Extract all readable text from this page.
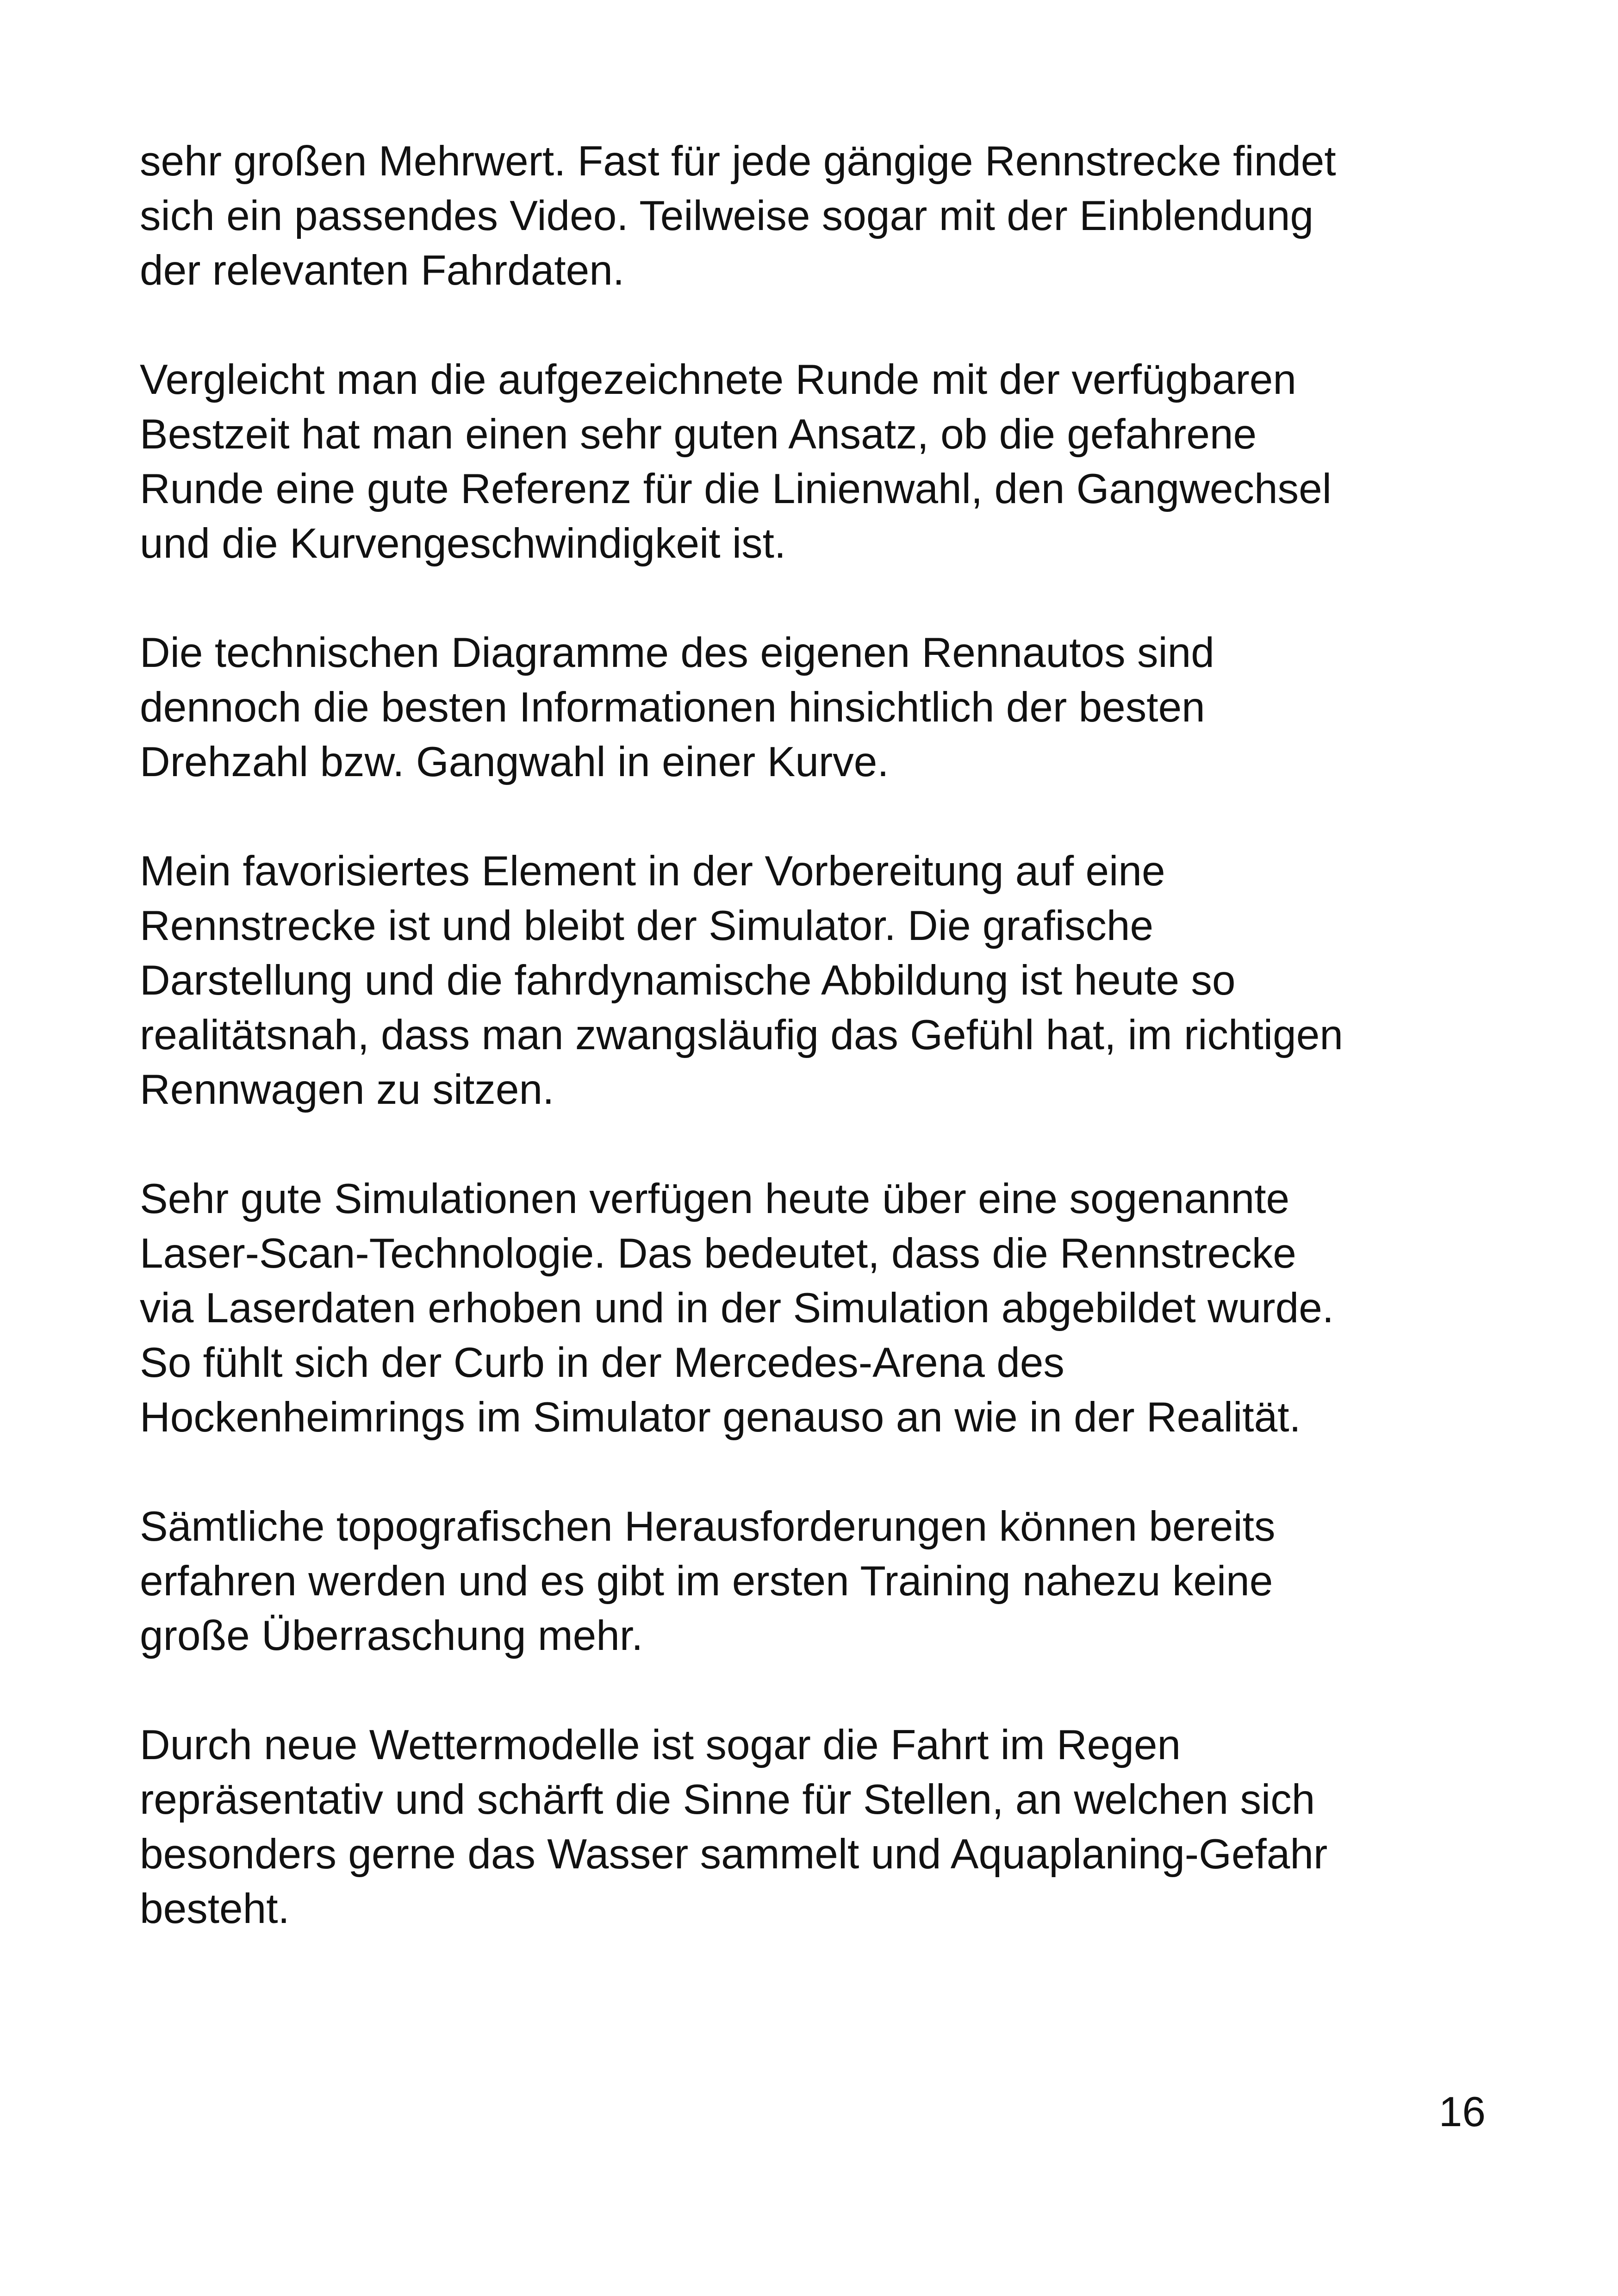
sehr großen Mehrwert. Fast für jede gängige Rennstrecke findet
sich ein passendes Video. Teilweise sogar mit der Einblendung
der relevanten Fahrdaten.

Vergleicht man die aufgezeichnete Runde mit der verfügbaren
Bestzeit hat man einen sehr guten Ansatz, ob die gefahrene
Runde eine gute Referenz für die Linienwahl, den Gangwechsel
und die Kurvengeschwindigkeit ist.

Die technischen Diagramme des eigenen Rennautos sind
dennoch die besten Informationen hinsichtlich der besten
Drehzahl bzw. Gangwahl in einer Kurve.

Mein favorisiertes Element in der Vorbereitung auf eine
Rennstrecke ist und bleibt der Simulator. Die grafische
Darstellung und die fahrdynamische Abbildung ist heute so
realitätsnah, dass man zwangsläufig das Gefühl hat, im richtigen
Rennwagen zu sitzen.

Sehr gute Simulationen verfügen heute über eine sogenannte
Laser-Scan-Technologie. Das bedeutet, dass die Rennstrecke
via Laserdaten erhoben und in der Simulation abgebildet wurde.
So fühlt sich der Curb in der Mercedes-Arena des
Hockenheimrings im Simulator genauso an wie in der Realität.

Sämtliche topografischen Herausforderungen können bereits
erfahren werden und es gibt im ersten Training nahezu keine
große Überraschung mehr.

Durch neue Wettermodelle ist sogar die Fahrt im Regen
repräsentativ und schärft die Sinne für Stellen, an welchen sich
besonders gerne das Wasser sammelt und Aquaplaning-Gefahr
besteht.

16
